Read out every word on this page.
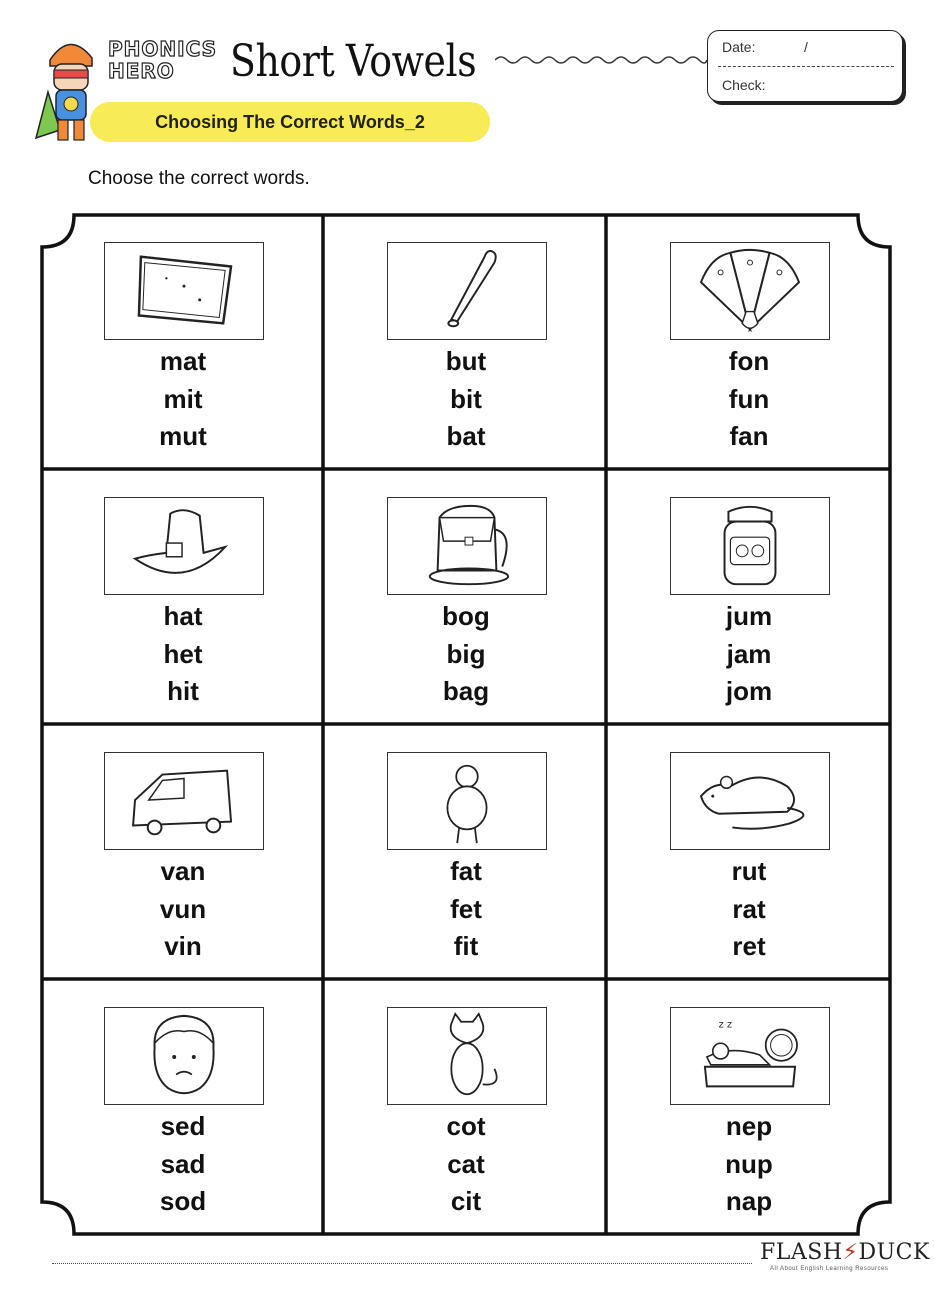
PHONICS
HERO	Short Vowels	Date:	/
Check:
Choosing The Correct Words_2
Choose the correct words.
mat
mit
mut
but
bit
bat
fon
fun
fan
hat
het
hit
bog
big
bag
jum
jam
jom
van
vun
vin
fat
fet
fit
rut
rat
ret
sed
sad
sod
cot
cat
cit
z z
nep
nup
nap
FLASH⚡DUCK
All About English Learning Resources
